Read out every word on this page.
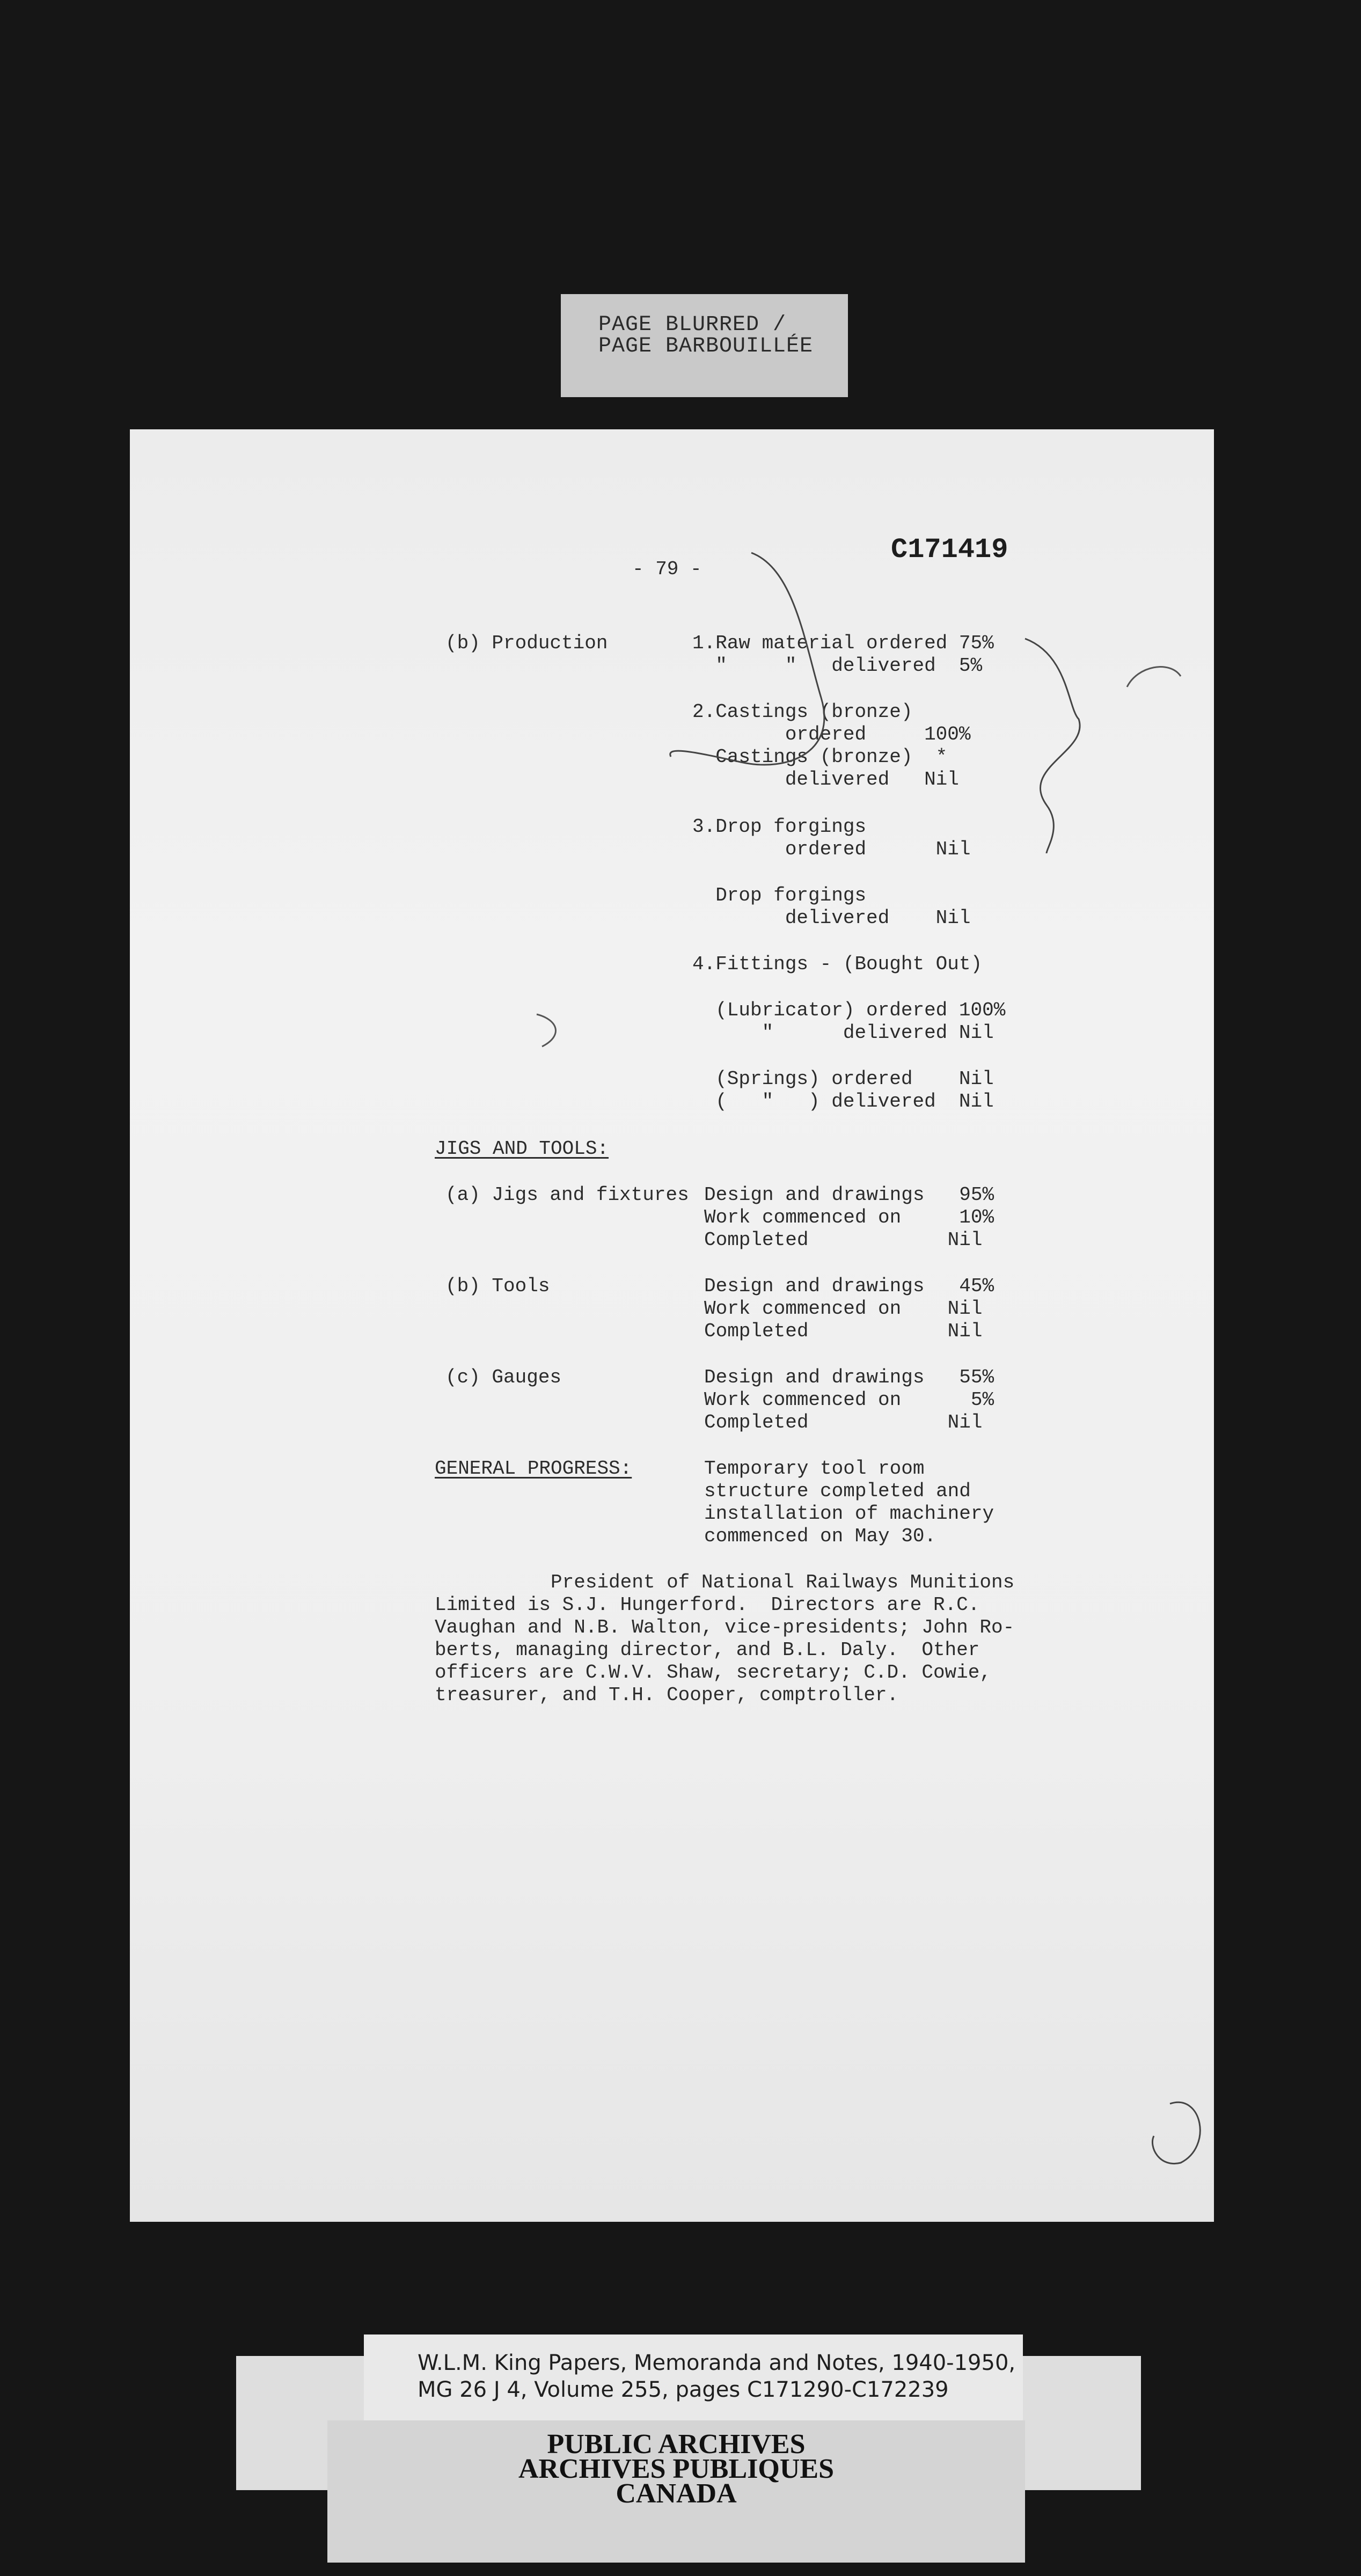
PAGE BLURRED /
PAGE BARBOUILLÉE
- 79 -
C171419
(b) Production	1.Raw material ordered 75%
"     "   delivered  5%
2.Castings (bronze)
ordered     100%
Castings (bronze)  *
delivered   Nil
3.Drop forgings
ordered      Nil
Drop forgings
delivered    Nil
4.Fittings - (Bought Out)
(Lubricator) ordered 100%
"      delivered Nil
(Springs) ordered    Nil
(   "   ) delivered  Nil
JIGS AND TOOLS:
(a) Jigs and fixtures Design and drawings   95%
Work commenced on     10%
Completed            Nil
(b) Tools	Design and drawings   45%
Work commenced on    Nil
Completed            Nil
(c) Gauges	Design and drawings   55%
Work commenced on      5%
Completed            Nil
GENERAL PROGRESS:	Temporary tool room
structure completed and
installation of machinery
commenced on May 30.
President of National Railways Munitions
Limited is S.J. Hungerford.  Directors are R.C.
Vaughan and N.B. Walton, vice-presidents; John Ro-
berts, managing director, and B.L. Daly.  Other
officers are C.W.V. Shaw, secretary; C.D. Cowie,
treasurer, and T.H. Cooper, comptroller.
W.L.M. King Papers, Memoranda and Notes, 1940-1950,
MG 26 J 4, Volume 255, pages C171290-C172239
PUBLIC ARCHIVES
ARCHIVES PUBLIQUES
CANADA
